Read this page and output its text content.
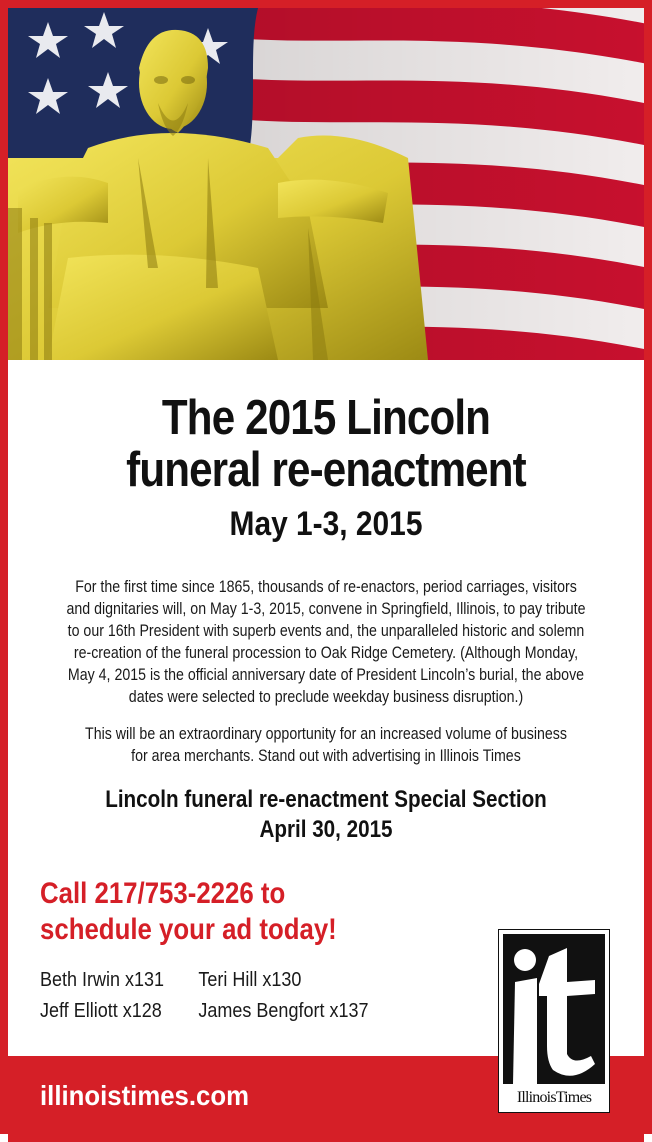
The 2015 Lincoln
funeral re-enactment
May 1-3, 2015
For the first time since 1865, thousands of re-enactors, period carriages, visitors
and dignitaries will, on May 1-3, 2015, convene in Springfield, Illinois, to pay tribute
to our 16th President with superb events and, the unparalleled historic and solemn
re-creation of the funeral procession to Oak Ridge Cemetery. (Although Monday,
May 4, 2015 is the official anniversary date of President Lincoln’s burial, the above
dates were selected to preclude weekday business disruption.)
This will be an extraordinary opportunity for an increased volume of business
for area merchants. Stand out with advertising in Illinois Times
Lincoln funeral re-enactment Special Section
April 30, 2015
Call 217/753-2226 to
schedule your ad today!
Beth Irwin x131 Teri Hill x130
Jeff Elliott x128 James Bengfort x137
illinoistimes.com	IllinoisTimes
